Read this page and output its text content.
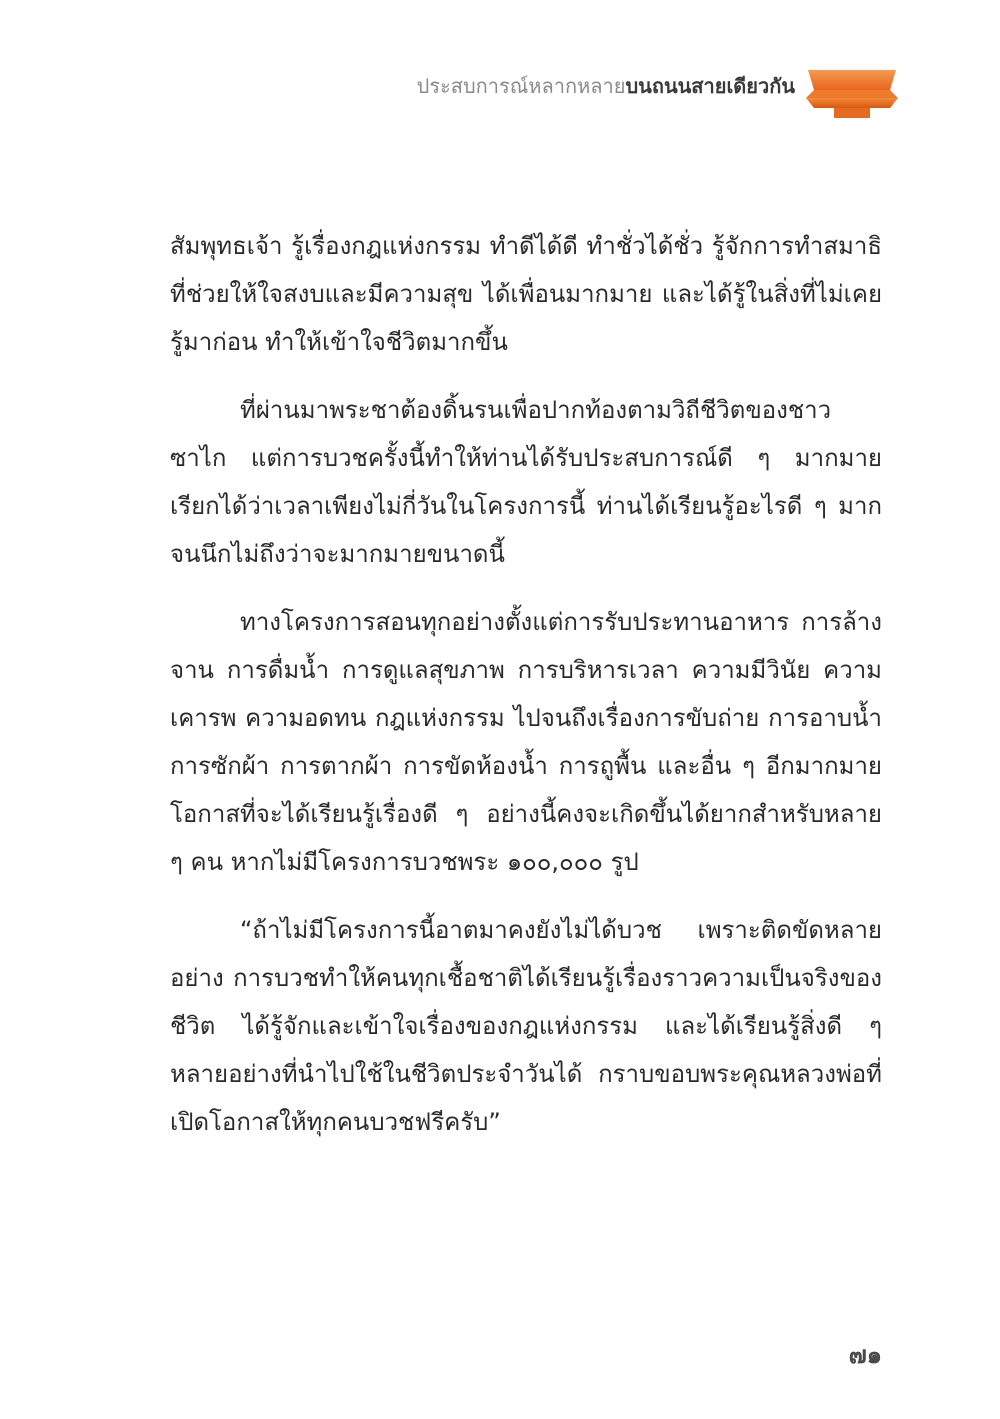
ประสบการณ์หลากหลายบนถนนสายเดียวกัน

สัมพุทธเจ้า รู้เรื่องกฎแห่งกรรม ทำดีได้ดี ทำชั่วได้ชั่ว รู้จักการทำสมาธิที่ช่วยให้ใจสงบและมีความสุข ได้เพื่อนมากมาย และได้รู้ในสิ่งที่ไม่เคยรู้มาก่อน ทำให้เข้าใจชีวิตมากขึ้น

ที่ผ่านมาพระชาต้องดิ้นรนเพื่อปากท้องตามวิถีชีวิตของชาวซาไก แต่การบวชครั้งนี้ทำให้ท่านได้รับประสบการณ์ดี ๆ มากมาย เรียกได้ว่าเวลาเพียงไม่กี่วันในโครงการนี้ ท่านได้เรียนรู้อะไรดี ๆ มากจนนึกไม่ถึงว่าจะมากมายขนาดนี้

ทางโครงการสอนทุกอย่างตั้งแต่การรับประทานอาหาร การล้างจาน การดื่มน้ำ การดูแลสุขภาพ การบริหารเวลา ความมีวินัย ความเคารพ ความอดทน กฎแห่งกรรม ไปจนถึงเรื่องการขับถ่าย การอาบน้ำ การซักผ้า การตากผ้า การขัดห้องน้ำ การถูพื้น และอื่น ๆ อีกมากมาย โอกาสที่จะได้เรียนรู้เรื่องดี ๆ อย่างนี้คงจะเกิดขึ้นได้ยากสำหรับหลาย ๆ คน หากไม่มีโครงการบวชพระ ๑๐๐,๐๐๐ รูป

“ถ้าไม่มีโครงการนี้อาตมาคงยังไม่ได้บวช เพราะติดขัดหลายอย่าง การบวชทำให้คนทุกเชื้อชาติได้เรียนรู้เรื่องราวความเป็นจริงของชีวิต ได้รู้จักและเข้าใจเรื่องของกฎแห่งกรรม และได้เรียนรู้สิ่งดี ๆ หลายอย่างที่นำไปใช้ในชีวิตประจำวันได้ กราบขอบพระคุณหลวงพ่อที่เปิดโอกาสให้ทุกคนบวชฟรีครับ”

๗๑
